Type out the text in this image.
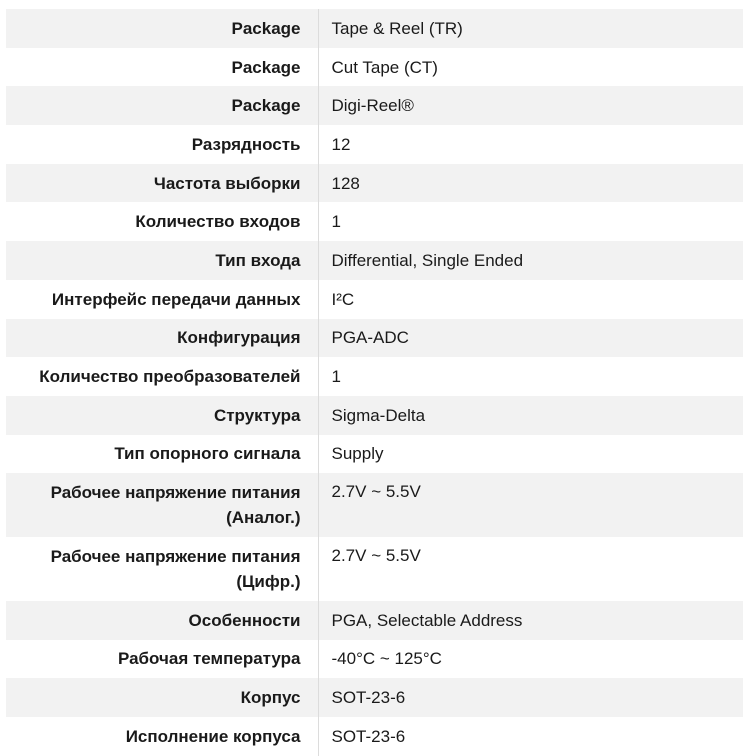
Package	Tape & Reel (TR)
Package	Cut Tape (CT)
Package	Digi-Reel®
Разрядность	12
Частота выборки	128
Количество входов	1
Тип входа	Differential, Single Ended
Интерфейс передачи данных	I²C
Конфигурация	PGA-ADC
Количество преобразователей	1
Структура	Sigma-Delta
Тип опорного сигнала	Supply
Рабочее напряжение питания (Аналог.)	2.7V ~ 5.5V
Рабочее напряжение питания (Цифр.)	2.7V ~ 5.5V
Особенности	PGA, Selectable Address
Рабочая температура	-40°C ~ 125°C
Корпус	SOT-23-6
Исполнение корпуса	SOT-23-6
